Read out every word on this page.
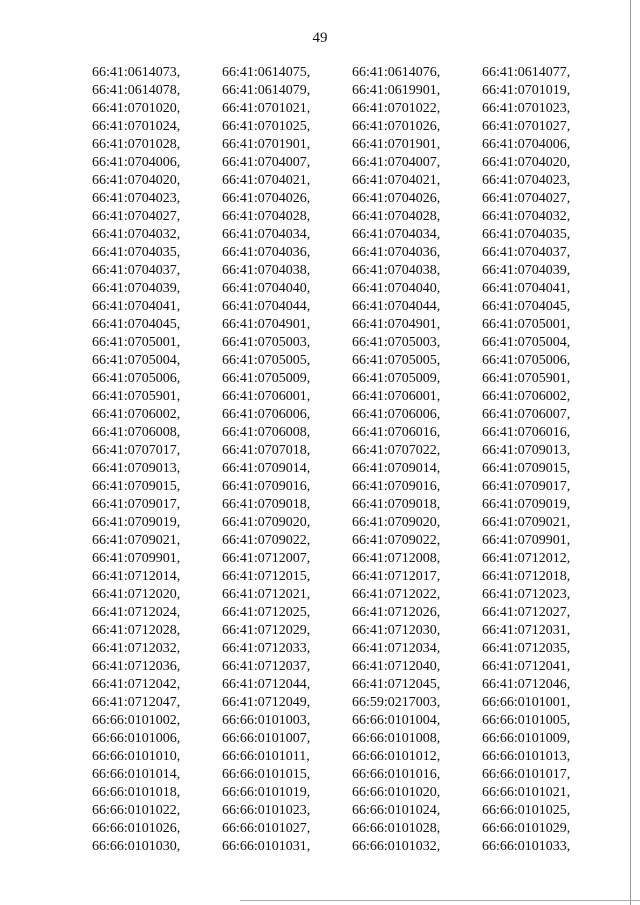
49
66:41:0614073,	66:41:0614075,	66:41:0614076,	66:41:0614077,
66:41:0614078,	66:41:0614079,	66:41:0619901,	66:41:0701019,
66:41:0701020,	66:41:0701021,	66:41:0701022,	66:41:0701023,
66:41:0701024,	66:41:0701025,	66:41:0701026,	66:41:0701027,
66:41:0701028,	66:41:0701901,	66:41:0701901,	66:41:0704006,
66:41:0704006,	66:41:0704007,	66:41:0704007,	66:41:0704020,
66:41:0704020,	66:41:0704021,	66:41:0704021,	66:41:0704023,
66:41:0704023,	66:41:0704026,	66:41:0704026,	66:41:0704027,
66:41:0704027,	66:41:0704028,	66:41:0704028,	66:41:0704032,
66:41:0704032,	66:41:0704034,	66:41:0704034,	66:41:0704035,
66:41:0704035,	66:41:0704036,	66:41:0704036,	66:41:0704037,
66:41:0704037,	66:41:0704038,	66:41:0704038,	66:41:0704039,
66:41:0704039,	66:41:0704040,	66:41:0704040,	66:41:0704041,
66:41:0704041,	66:41:0704044,	66:41:0704044,	66:41:0704045,
66:41:0704045,	66:41:0704901,	66:41:0704901,	66:41:0705001,
66:41:0705001,	66:41:0705003,	66:41:0705003,	66:41:0705004,
66:41:0705004,	66:41:0705005,	66:41:0705005,	66:41:0705006,
66:41:0705006,	66:41:0705009,	66:41:0705009,	66:41:0705901,
66:41:0705901,	66:41:0706001,	66:41:0706001,	66:41:0706002,
66:41:0706002,	66:41:0706006,	66:41:0706006,	66:41:0706007,
66:41:0706008,	66:41:0706008,	66:41:0706016,	66:41:0706016,
66:41:0707017,	66:41:0707018,	66:41:0707022,	66:41:0709013,
66:41:0709013,	66:41:0709014,	66:41:0709014,	66:41:0709015,
66:41:0709015,	66:41:0709016,	66:41:0709016,	66:41:0709017,
66:41:0709017,	66:41:0709018,	66:41:0709018,	66:41:0709019,
66:41:0709019,	66:41:0709020,	66:41:0709020,	66:41:0709021,
66:41:0709021,	66:41:0709022,	66:41:0709022,	66:41:0709901,
66:41:0709901,	66:41:0712007,	66:41:0712008,	66:41:0712012,
66:41:0712014,	66:41:0712015,	66:41:0712017,	66:41:0712018,
66:41:0712020,	66:41:0712021,	66:41:0712022,	66:41:0712023,
66:41:0712024,	66:41:0712025,	66:41:0712026,	66:41:0712027,
66:41:0712028,	66:41:0712029,	66:41:0712030,	66:41:0712031,
66:41:0712032,	66:41:0712033,	66:41:0712034,	66:41:0712035,
66:41:0712036,	66:41:0712037,	66:41:0712040,	66:41:0712041,
66:41:0712042,	66:41:0712044,	66:41:0712045,	66:41:0712046,
66:41:0712047,	66:41:0712049,	66:59:0217003,	66:66:0101001,
66:66:0101002,	66:66:0101003,	66:66:0101004,	66:66:0101005,
66:66:0101006,	66:66:0101007,	66:66:0101008,	66:66:0101009,
66:66:0101010,	66:66:0101011,	66:66:0101012,	66:66:0101013,
66:66:0101014,	66:66:0101015,	66:66:0101016,	66:66:0101017,
66:66:0101018,	66:66:0101019,	66:66:0101020,	66:66:0101021,
66:66:0101022,	66:66:0101023,	66:66:0101024,	66:66:0101025,
66:66:0101026,	66:66:0101027,	66:66:0101028,	66:66:0101029,
66:66:0101030,	66:66:0101031,	66:66:0101032,	66:66:0101033,
